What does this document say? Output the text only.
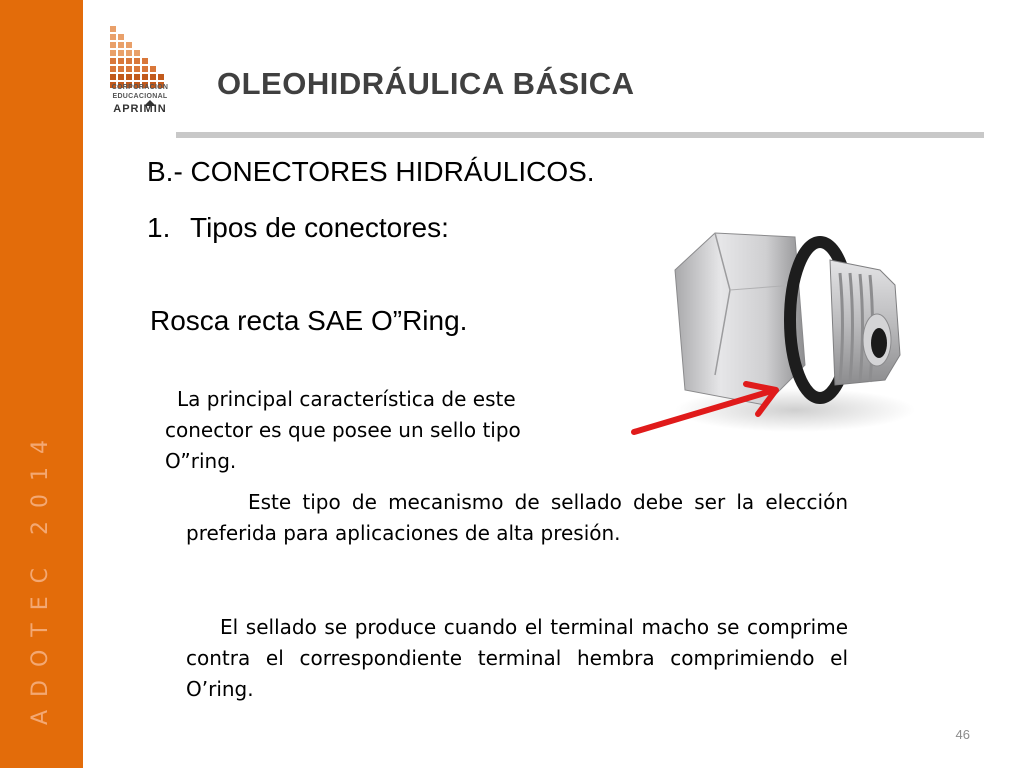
ADOTEC 2014
CORPORACION
EDUCACIONAL
APRIMIN
OLEOHIDRÁULICA BÁSICA
B.- CONECTORES HIDRÁULICOS.
1. Tipos de conectores:
Rosca recta SAE O”Ring.
La principal característica de este
conector es que posee un sello tipo
O”ring.
Este tipo de mecanismo de sellado debe ser la elección preferida para aplicaciones de alta presión.
El sellado se produce cuando el terminal macho se comprime contra el correspondiente terminal hembra comprimiendo el O’ring.
46
